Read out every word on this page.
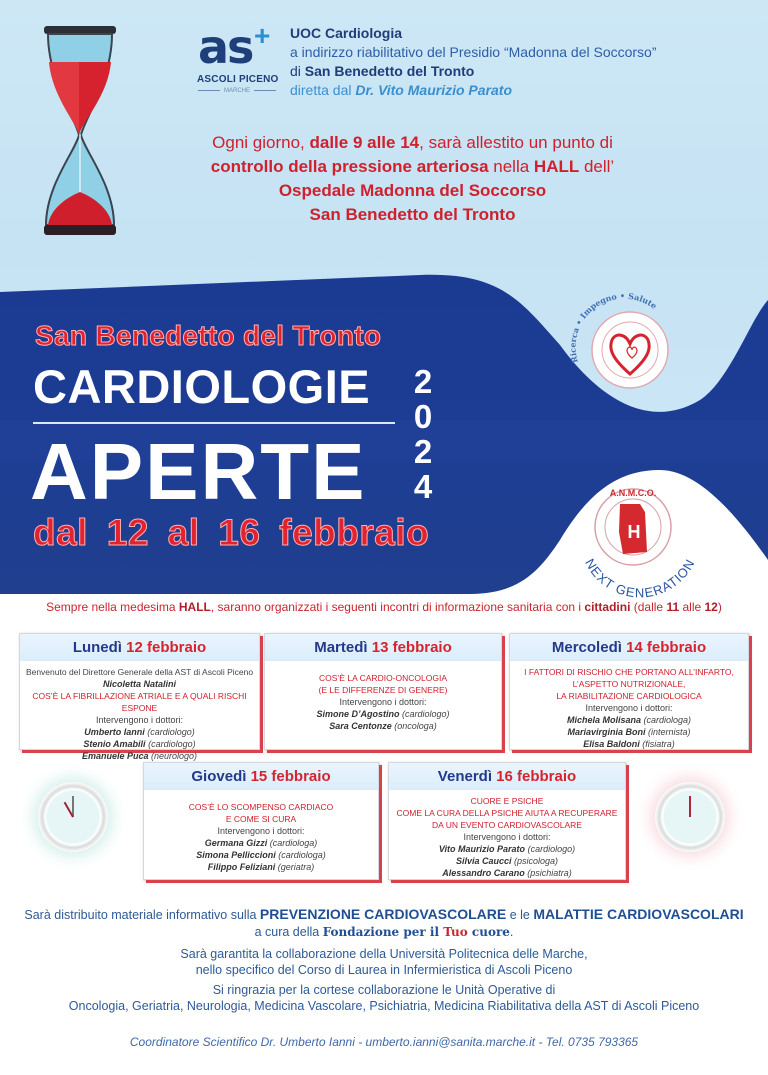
as +
ASCOLI PICENO
MARCHE
UOC Cardiologia
a indirizzo riabilitativo del Presidio “Madonna del Soccorso”
di San Benedetto del Tronto
diretta dal Dr. Vito Maurizio Parato
Ogni giorno, dalle 9 alle 14, sarà allestito un punto di
controllo della pressione arteriosa nella HALL dell’
Ospedale Madonna del Soccorso
San Benedetto del Tronto
San Benedetto del Tronto
CARDIOLOGIE
APERTE
2
0
2
4
dal 12 al 16 febbraio
Ricerca • Impegno • Salute
A.N.M.C.O.
H
NEXT GENERATION
Sempre nella medesima HALL, saranno organizzati i seguenti incontri di informazione sanitaria con i cittadini (dalle 11 alle 12)
Lunedì 12 febbraio
Benvenuto del Direttore Generale della AST di Ascoli Piceno
Nicoletta Natalini
COS’È LA FIBRILLAZIONE ATRIALE E A QUALI RISCHI ESPONE
Intervengono i dottori:
Umberto Ianni (cardiologo)
Stenio Amabili (cardiologo)
Emanuele Puca (neurologo)
Martedì 13 febbraio
COS’È LA CARDIO-ONCOLOGIA
(E LE DIFFERENZE DI GENERE)
Intervengono i dottori:
Simone D’Agostino (cardiologo)
Sara Centonze (oncologa)
Mercoledì 14 febbraio
I FATTORI DI RISCHIO CHE PORTANO ALL’INFARTO,
L’ASPETTO NUTRIZIONALE,
LA RIABILITAZIONE CARDIOLOGICA
Intervengono i dottori:
Michela Molisana (cardiologa)
Mariavirginia Boni (internista)
Elisa Baldoni (fisiatra)
Giovedì 15 febbraio
COS’È LO SCOMPENSO CARDIACO
E COME SI CURA
Intervengono i dottori:
Germana Gizzi (cardiologa)
Simona Pelliccioni (cardiologa)
Filippo Feliziani (geriatra)
Venerdì 16 febbraio
CUORE E PSICHE
COME LA CURA DELLA PSICHE AIUTA A RECUPERARE
DA UN EVENTO CARDIOVASCOLARE
Intervengono i dottori:
Vito Maurizio Parato (cardiologo)
Silvia Caucci (psicologa)
Alessandro Carano (psichiatra)
Sarà distribuito materiale informativo sulla PREVENZIONE CARDIOVASCOLARE e le MALATTIE CARDIOVASCOLARI
a cura della Fondazione per il Tuo cuore.
Sarà garantita la collaborazione della Università Politecnica delle Marche,
nello specifico del Corso di Laurea in Infermieristica di Ascoli Piceno
Si ringrazia per la cortese collaborazione le Unità Operative di
Oncologia, Geriatria, Neurologia, Medicina Vascolare, Psichiatria, Medicina Riabilitativa della AST di Ascoli Piceno
Coordinatore Scientifico Dr. Umberto Ianni - umberto.ianni@sanita.marche.it - Tel. 0735 793365
